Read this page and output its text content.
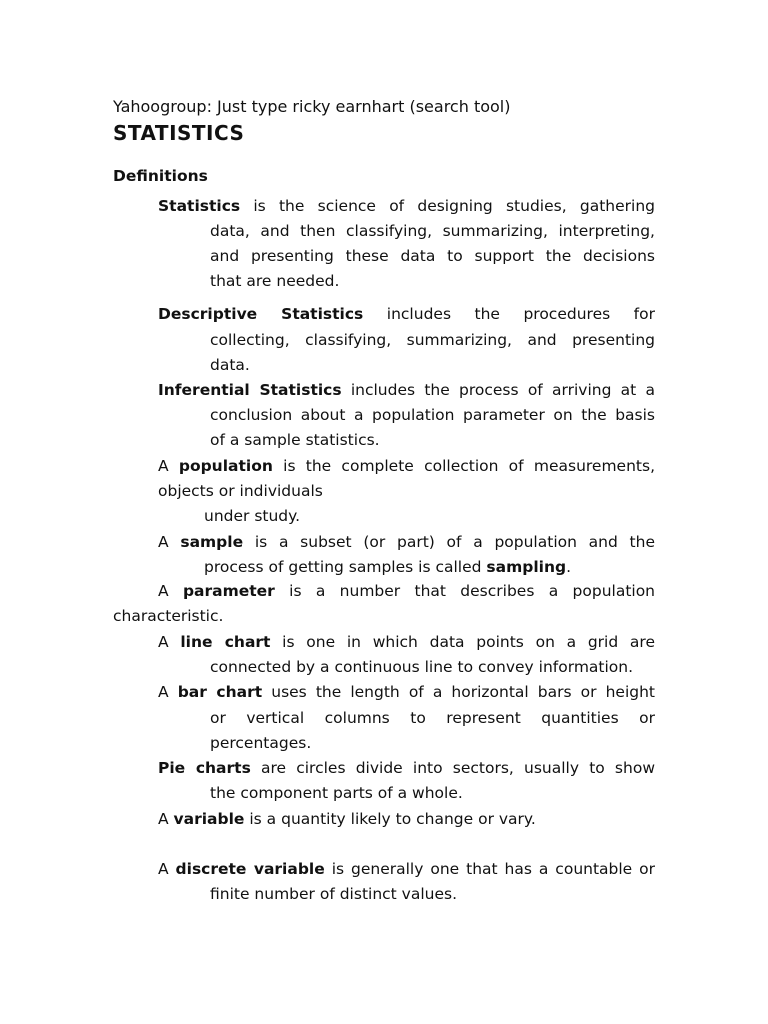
Yahoogroup: Just type ricky earnhart (search tool)
STATISTICS
Definitions
Statistics is the science of designing studies, gathering
data, and then classifying, summarizing, interpreting,
and presenting these data to support the decisions
that are needed.
Descriptive Statistics includes the procedures for
collecting, classifying, summarizing, and presenting
data.
Inferential Statistics includes the process of arriving at a
conclusion about a population parameter on the basis
of a sample statistics.
A population is the complete collection of measurements,
objects or individuals
under study.
A sample is a subset (or part) of a population and the
process of getting samples is called sampling.
A parameter is a number that describes a population
characteristic.
A line chart is one in which data points on a grid are
connected by a continuous line to convey information.
A bar chart uses the length of a horizontal bars or height
or vertical columns to represent quantities or
percentages.
Pie charts are circles divide into sectors, usually to show
the component parts of a whole.
A variable is a quantity likely to change or vary.
A discrete variable is generally one that has a countable or
finite number of distinct values.
